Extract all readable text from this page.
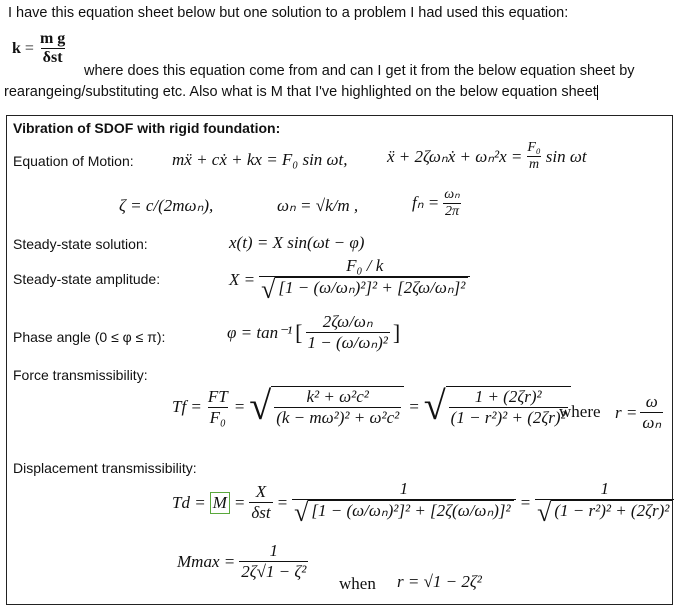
I have this equation sheet below but one solution to a problem I had used this equation:
$k = \frac{\text{m g}}{\text{δst}}$
where does this equation come from and can I get it from the below equation sheet by
rearangeing/substituting etc. Also what is M that I've highlighted on the below equation sheet
Vibration of SDOF with rigid foundation:
Equation of Motion: mẍ + cẋ + kx = F₀ sin ωt, ẍ + 2ζωₙẋ + $\omega_n^2x = \frac{\text{F₀}}{m}$ sin ωt
ζ = c/(2mωₙ),	ωₙ = √k/m ,	$f_n = \frac{\text{ωₙ}}{2\pi}$
Steady-state solution:	x(t) = X sin(ωt − φ)
Steady-state amplitude:	$X = \frac{\text{F₀ / k}}{\text{√ [1 − (ω/ωₙ)²]² + [2ζω/ωₙ]²}}$
Phase angle (0 ≤ φ ≤ π):	φ = tan⁻¹ [ $\frac{\text{2ζω/ωₙ}}{\text{1 − (ω/ωₙ)²}}$ ]
Force transmissibility:
$Tf = \frac{FT}{\text{F₀}}$ = √ $\frac{\text{k² + ω²c²}}{\text{(k − mω²)² + ω²c²}}$ = √ $\frac{\text{1 + (2ζr)²}}{\text{(1 − r²)² + (2ζr)²}}$
where $r = \frac{\omega}{\text{ωₙ}}$
Displacement transmissibility:
$Td = M = \frac{X}{\text{δst}} = \frac{1}{\text{√ [1 − (ω/ωₙ)²]² + [2ζ(ω/ωₙ)]²}} = \frac{1}{\text{√ (1 − r²)² + (2ζr)²}}$
$Mmax = \frac{1}{\text{2ζ√1 − ζ²}}$
when r = √1 − 2ζ²
